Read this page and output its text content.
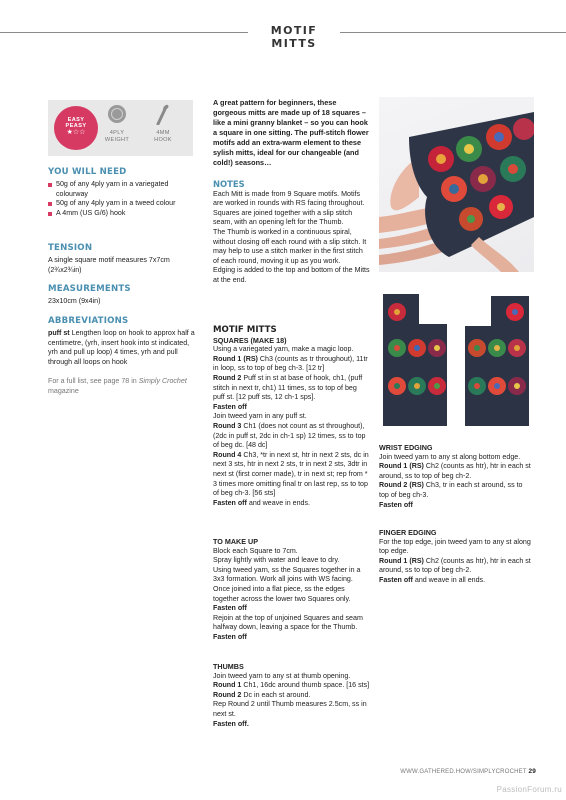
MOTIF MITTS
EASY
PEASY
★☆☆	4PLY
WEIGHT
4MM
HOOK
YOU WILL NEED
50g of any 4ply yarn in a variegated colourway
50g of any 4ply yarn in a tweed colour
A 4mm (US G/6) hook
TENSION
A single square motif measures 7x7cm (2¾x2¾in)
MEASUREMENTS
23x10cm (9x4in)
ABBREVIATIONS
puff st Lengthen loop on hook to approx half a centimetre, (yrh, insert hook into st indicated, yrh and pull up loop) 4 times, yrh and pull through all loops on hook
For a full list, see page 78 in Simply Crochet magazine
A great pattern for beginners, these gorgeous mitts are made up of 18 squares – like a mini granny blanket – so you can hook a square in one sitting. The puff-stitch flower motifs add an extra-warm element to these sylish mitts, ideal for our changeable (and cold!) seasons…
NOTES
Each Mitt is made from 9 Square motifs. Motifs are worked in rounds with RS facing throughout.
Squares are joined together with a slip stitch seam, with an opening left for the Thumb.
The Thumb is worked in a continuous spiral, without closing off each round with a slip stitch. It may help to use a stitch marker in the first stitch of each round, moving it up as you work.
Edging is added to the top and bottom of the Mitts at the end.
MOTIF MITTS
SQUARES (MAKE 18)
Using a variegated yarn, make a magic loop.
Round 1 (RS) Ch3 (counts as tr throughout), 11tr in loop, ss to top of beg ch-3. [12 tr]
Round 2 Puff st in st at base of hook, ch1, (puff stitch in next tr, ch1) 11 times, ss to top of beg puff st. [12 puff sts, 12 ch-1 sps].
Fasten off
Join tweed yarn in any puff st.
Round 3 Ch1 (does not count as st throughout), (2dc in puff st, 2dc in ch-1 sp) 12 times, ss to top of beg dc. [48 dc]
Round 4 Ch3, *tr in next st, htr in next 2 sts, dc in next 3 sts, htr in next 2 sts, tr in next 2 sts, 3dtr in next st (first corner made), tr in next st; rep from * 3 times more omitting final tr on last rep, ss to top of beg ch-3. [56 sts]
Fasten off and weave in ends.
TO MAKE UP
Block each Square to 7cm.
Spray lightly with water and leave to dry.
Using tweed yarn, ss the Squares together in a 3x3 formation. Work all joins with WS facing. Once joined into a flat piece, ss the edges together across the lower two Squares only.
Fasten off
Rejoin at the top of unjoined Squares and seam halfway down, leaving a space for the Thumb.
Fasten off
THUMBS
Join tweed yarn to any st at thumb opening.
Round 1 Ch1, 16dc around thumb space. [16 sts]
Round 2 Dc in each st around.
Rep Round 2 until Thumb measures 2.5cm, ss in next st.
Fasten off.
WRIST EDGING
Join tweed yarn to any st along bottom edge.
Round 1 (RS) Ch2 (counts as htr), htr in each st around, ss to top of beg ch-2.
Round 2 (RS) Ch3, tr in each st around, ss to top of beg ch-3.
Fasten off
FINGER EDGING
For the top edge, join tweed yarn to any st along top edge.
Round 1 (RS) Ch2 (counts as htr), htr in each st around, ss to top of beg ch-2.
Fasten off and weave in all ends.
WWW.GATHERED.HOW/SIMPLYCROCHET 29
PassionForum.ru
